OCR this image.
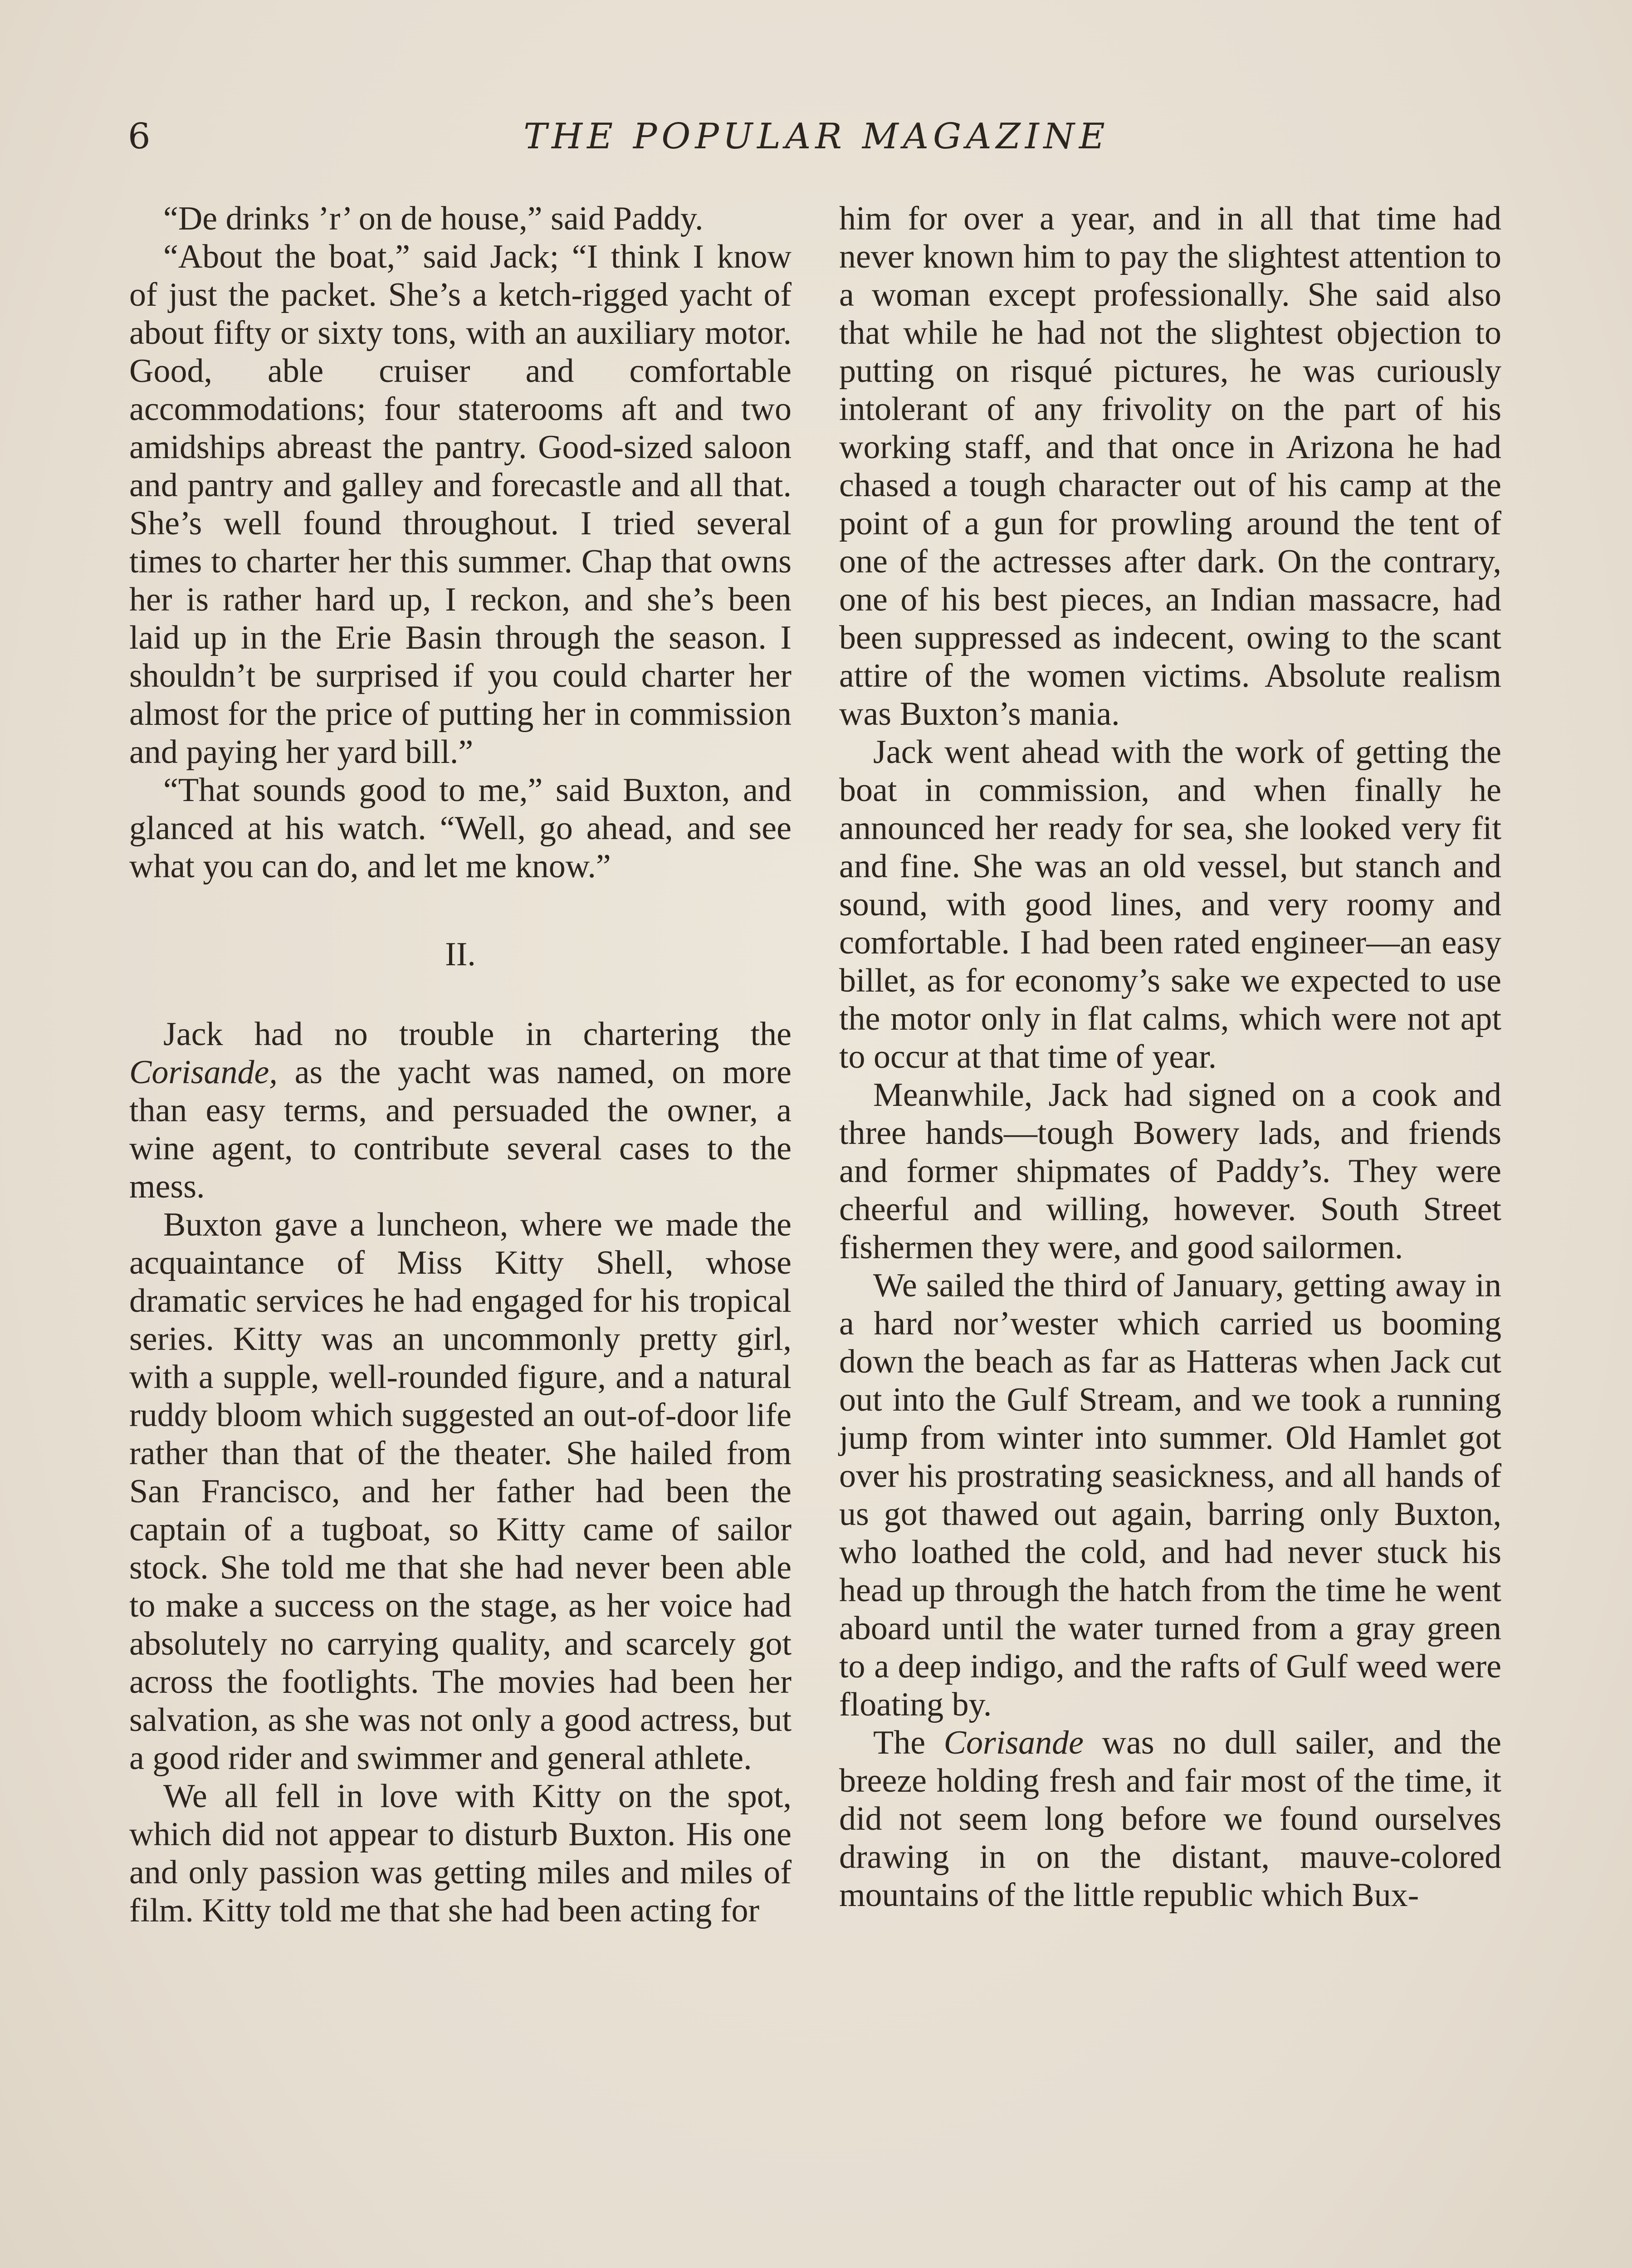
6	THE POPULAR MAGAZINE

“De drinks ’r’ on de house,” said Paddy.

“About the boat,” said Jack; “I think I know of just the packet. She’s a ketch-rigged yacht of about fifty or sixty tons, with an auxiliary motor. Good, able cruiser and comfortable accommodations; four staterooms aft and two amidships abreast the pantry. Good-sized saloon and pantry and galley and forecastle and all that. She’s well found throughout. I tried several times to charter her this summer. Chap that owns her is rather hard up, I reckon, and she’s been laid up in the Erie Basin through the season. I shouldn’t be surprised if you could charter her almost for the price of putting her in commission and paying her yard bill.”

“That sounds good to me,” said Buxton, and glanced at his watch. “Well, go ahead, and see what you can do, and let me know.”

II.

Jack had no trouble in chartering the Corisande, as the yacht was named, on more than easy terms, and persuaded the owner, a wine agent, to contribute several cases to the mess.

Buxton gave a luncheon, where we made the acquaintance of Miss Kitty Shell, whose dramatic services he had engaged for his tropical series. Kitty was an uncommonly pretty girl, with a supple, well-rounded figure, and a natural ruddy bloom which suggested an out-of-door life rather than that of the theater. She hailed from San Francisco, and her father had been the captain of a tugboat, so Kitty came of sailor stock. She told me that she had never been able to make a success on the stage, as her voice had absolutely no carrying quality, and scarcely got across the footlights. The movies had been her salvation, as she was not only a good actress, but a good rider and swimmer and general athlete.

We all fell in love with Kitty on the spot, which did not appear to disturb Buxton. His one and only passion was getting miles and miles of film. Kitty told me that she had been acting for

him for over a year, and in all that time had never known him to pay the slightest attention to a woman except professionally. She said also that while he had not the slightest objection to putting on risqué pictures, he was curiously intolerant of any frivolity on the part of his working staff, and that once in Arizona he had chased a tough character out of his camp at the point of a gun for prowling around the tent of one of the actresses after dark. On the contrary, one of his best pieces, an Indian massacre, had been suppressed as indecent, owing to the scant attire of the women victims. Absolute realism was Buxton’s mania.

Jack went ahead with the work of getting the boat in commission, and when finally he announced her ready for sea, she looked very fit and fine. She was an old vessel, but stanch and sound, with good lines, and very roomy and comfortable. I had been rated engineer—an easy billet, as for economy’s sake we expected to use the motor only in flat calms, which were not apt to occur at that time of year.

Meanwhile, Jack had signed on a cook and three hands—tough Bowery lads, and friends and former shipmates of Paddy’s. They were cheerful and willing, however. South Street fishermen they were, and good sailormen.

We sailed the third of January, getting away in a hard nor’wester which carried us booming down the beach as far as Hatteras when Jack cut out into the Gulf Stream, and we took a running jump from winter into summer. Old Hamlet got over his prostrating seasickness, and all hands of us got thawed out again, barring only Buxton, who loathed the cold, and had never stuck his head up through the hatch from the time he went aboard until the water turned from a gray green to a deep indigo, and the rafts of Gulf weed were floating by.

The Corisande was no dull sailer, and the breeze holding fresh and fair most of the time, it did not seem long before we found ourselves drawing in on the distant, mauve-colored mountains of the little republic which Bux-
